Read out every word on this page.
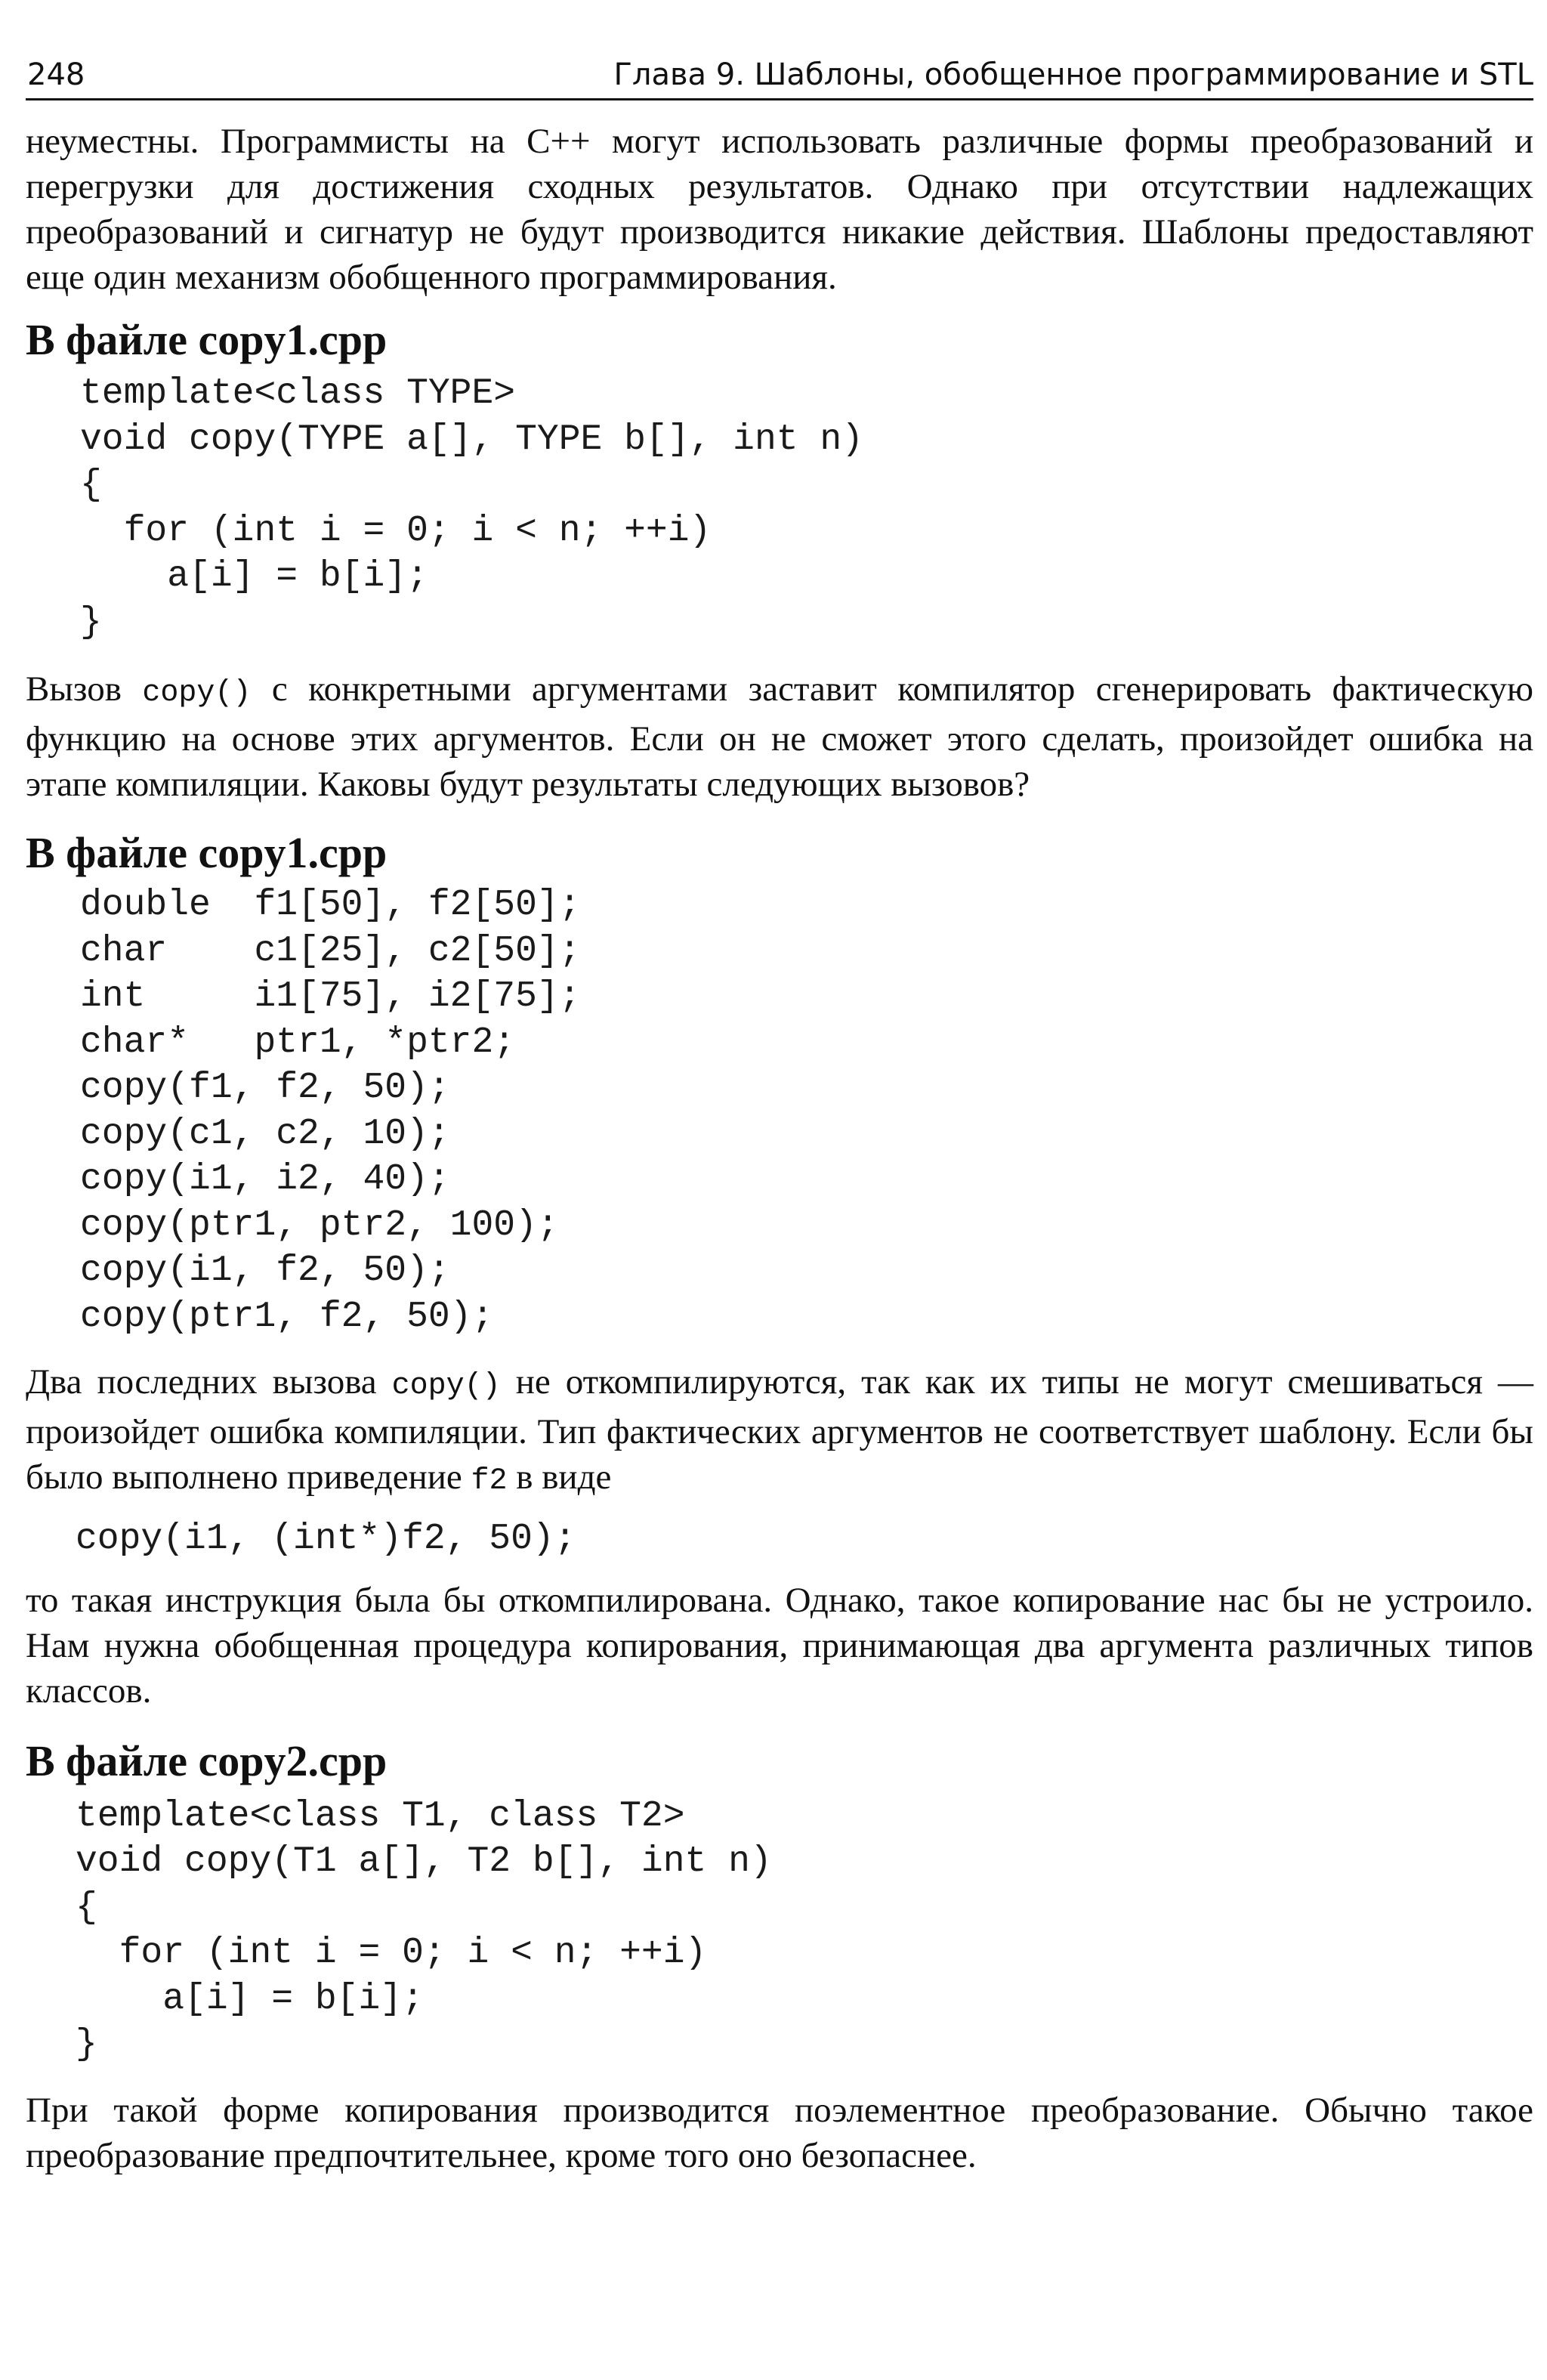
248	Глава 9. Шаблоны, обобщенное программирование и STL

неуместны. Программисты на C++ могут использовать различные формы преобразований и перегрузки для достижения сходных результатов. Однако при отсутствии надлежащих преобразований и сигнатур не будут производится никакие действия. Шаблоны предоставляют еще один механизм обобщенного программирования.

В файле copy1.cpp
template<class TYPE>
void copy(TYPE a[], TYPE b[], int n)
{
for (int i = 0; i < n; ++i)
a[i] = b[i];
}

Вызов copy() с конкретными аргументами заставит компилятор сгенерировать фактическую функцию на основе этих аргументов. Если он не сможет этого сделать, произойдет ошибка на этапе компиляции. Каковы будут результаты следующих вызовов?

В файле copy1.cpp
double  f1[50], f2[50];
char    c1[25], c2[50];
int     i1[75], i2[75];
char*   ptr1, *ptr2;
copy(f1, f2, 50);
copy(c1, c2, 10);
copy(i1, i2, 40);
copy(ptr1, ptr2, 100);
copy(i1, f2, 50);
copy(ptr1, f2, 50);

Два последних вызова copy() не откомпилируются, так как их типы не могут смешиваться — произойдет ошибка компиляции. Тип фактических аргументов не соответствует шаблону. Если бы было выполнено приведение f2 в виде

copy(i1, (int*)f2, 50);

то такая инструкция была бы откомпилирована. Однако, такое копирование нас бы не устроило. Нам нужна обобщенная процедура копирования, принимающая два аргумента различных типов классов.

В файле copy2.cpp
template<class T1, class T2>
void copy(T1 a[], T2 b[], int n)
{
for (int i = 0; i < n; ++i)
a[i] = b[i];
}

При такой форме копирования производится поэлементное преобразование. Обычно такое преобразование предпочтительнее, кроме того оно безопаснее.
